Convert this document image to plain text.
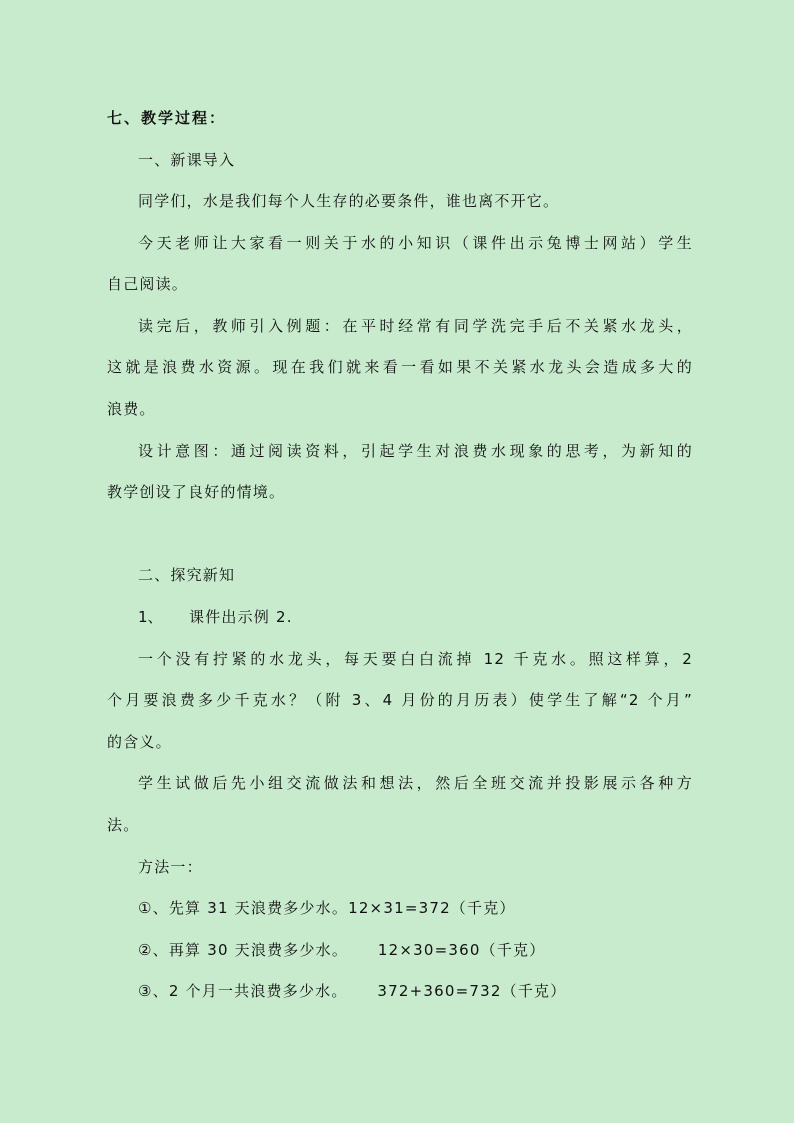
七、教学过程：
一、新课导入
同学们，水是我们每个人生存的必要条件，谁也离不开它。
今天老师让大家看一则关于水的小知识（课件出示兔博士网站）学生
自己阅读。
读完后，教师引入例题：在平时经常有同学洗完手后不关紧水龙头，
这就是浪费水资源。现在我们就来看一看如果不关紧水龙头会造成多大的
浪费。
设计意图：通过阅读资料，引起学生对浪费水现象的思考，为新知的
教学创设了良好的情境。
二、探究新知
1、 课件出示例 2.
一个没有拧紧的水龙头，每天要白白流掉 12 千克水。照这样算，2
个月要浪费多少千克水？（附 3、4 月份的月历表）使学生了解“2 个月”
的含义。
学生试做后先小组交流做法和想法，然后全班交流并投影展示各种方
法。
方法一：
①、先算 31 天浪费多少水。12×31=372（千克）
②、再算 30 天浪费多少水。     12×30=360（千克）
③、2 个月一共浪费多少水。     372+360=732（千克）
